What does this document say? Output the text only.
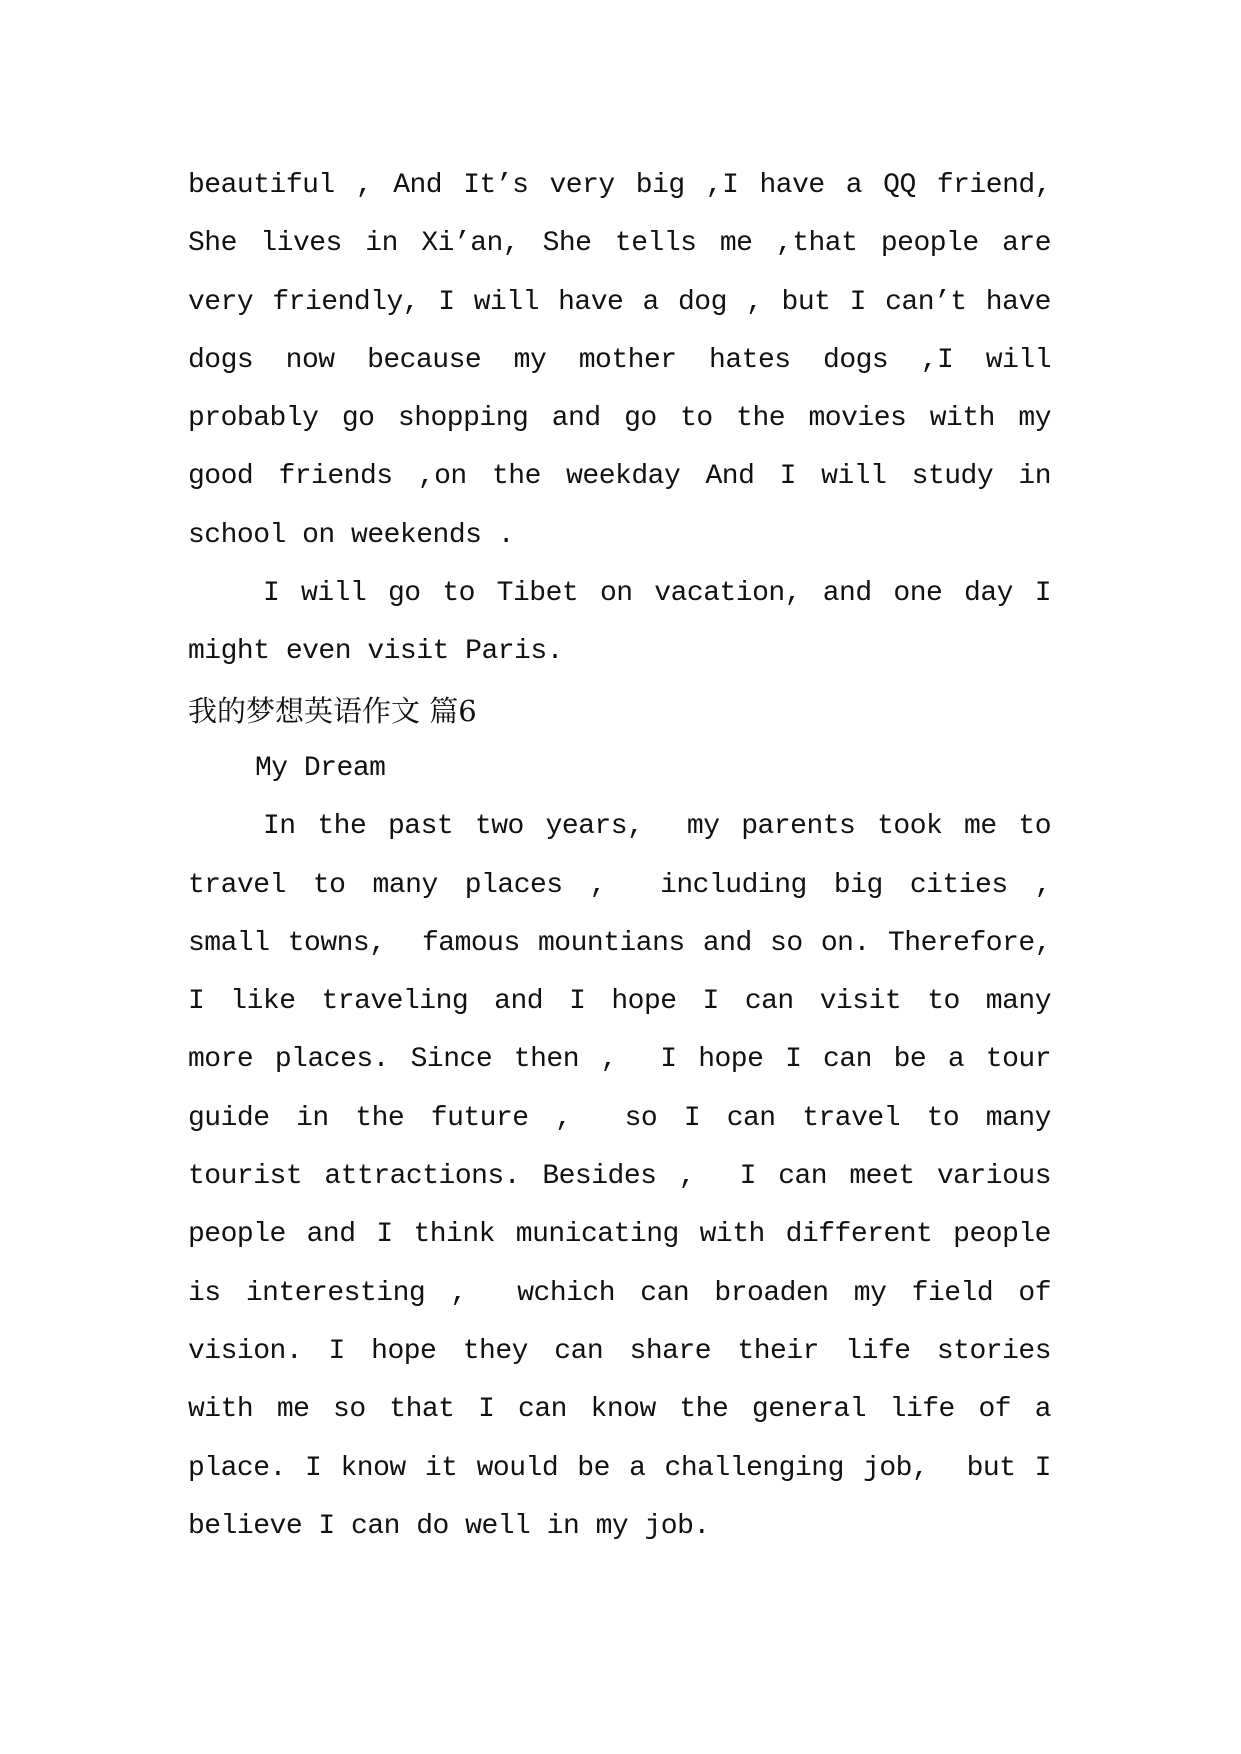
beautiful , And It’s very big ,I have a QQ friend,
She lives in Xi’an, She tells me ,that people are
very friendly, I will have a dog , but I can’t have
dogs now because my mother hates dogs ,I will
probably go shopping and go to the movies with my
good friends ,on the weekday And I will study in
school on weekends .
I will go to Tibet on vacation, and one day I
might even visit Paris.
我的梦想英语作文 篇6
My Dream
In the past two years,  my parents took me to
travel to many places ,  including big cities ,
small towns,  famous mountians and so on. Therefore,
I like traveling and I hope I can visit to many
more places. Since then ,  I hope I can be a tour
guide in the future ,  so I can travel to many
tourist attractions. Besides ,  I can meet various
people and I think municating with different people
is interesting ,  wchich can broaden my field of
vision. I hope they can share their life stories
with me so that I can know the general life of a
place. I know it would be a challenging job,  but I
believe I can do well in my job.
